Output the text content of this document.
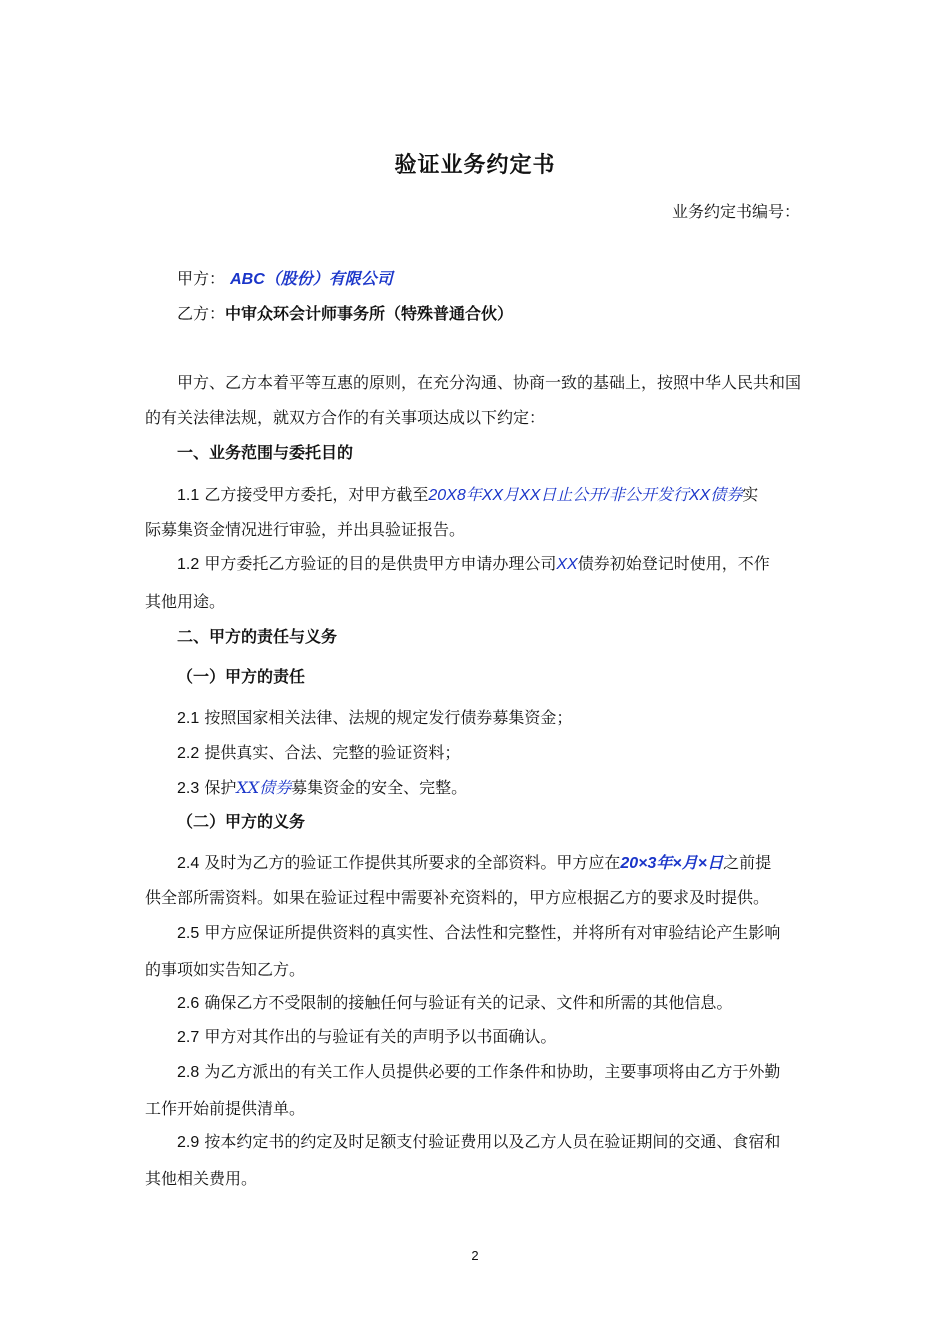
验证业务约定书
业务约定书编号：
甲方： ABC（股份）有限公司
乙方：中审众环会计师事务所（特殊普通合伙）
甲方、乙方本着平等互惠的原则，在充分沟通、协商一致的基础上，按照中华人民共和国
的有关法律法规，就双方合作的有关事项达成以下约定：
一、业务范围与委托目的
1.1 乙方接受甲方委托，对甲方截至20X8年XX月XX日止公开/非公开发行XX债券实
际募集资金情况进行审验，并出具验证报告。
1.2 甲方委托乙方验证的目的是供贵甲方申请办理公司XX债券初始登记时使用，不作
其他用途。
二、甲方的责任与义务
（一）甲方的责任
2.1 按照国家相关法律、法规的规定发行债券募集资金；
2.2 提供真实、合法、完整的验证资料；
2.3 保护XX债券募集资金的安全、完整。
（二）甲方的义务
2.4 及时为乙方的验证工作提供其所要求的全部资料。甲方应在20×3年×月×日之前提
供全部所需资料。如果在验证过程中需要补充资料的，甲方应根据乙方的要求及时提供。
2.5 甲方应保证所提供资料的真实性、合法性和完整性，并将所有对审验结论产生影响
的事项如实告知乙方。
2.6 确保乙方不受限制的接触任何与验证有关的记录、文件和所需的其他信息。
2.7 甲方对其作出的与验证有关的声明予以书面确认。
2.8 为乙方派出的有关工作人员提供必要的工作条件和协助，主要事项将由乙方于外勤
工作开始前提供清单。
2.9 按本约定书的约定及时足额支付验证费用以及乙方人员在验证期间的交通、食宿和
其他相关费用。
2
